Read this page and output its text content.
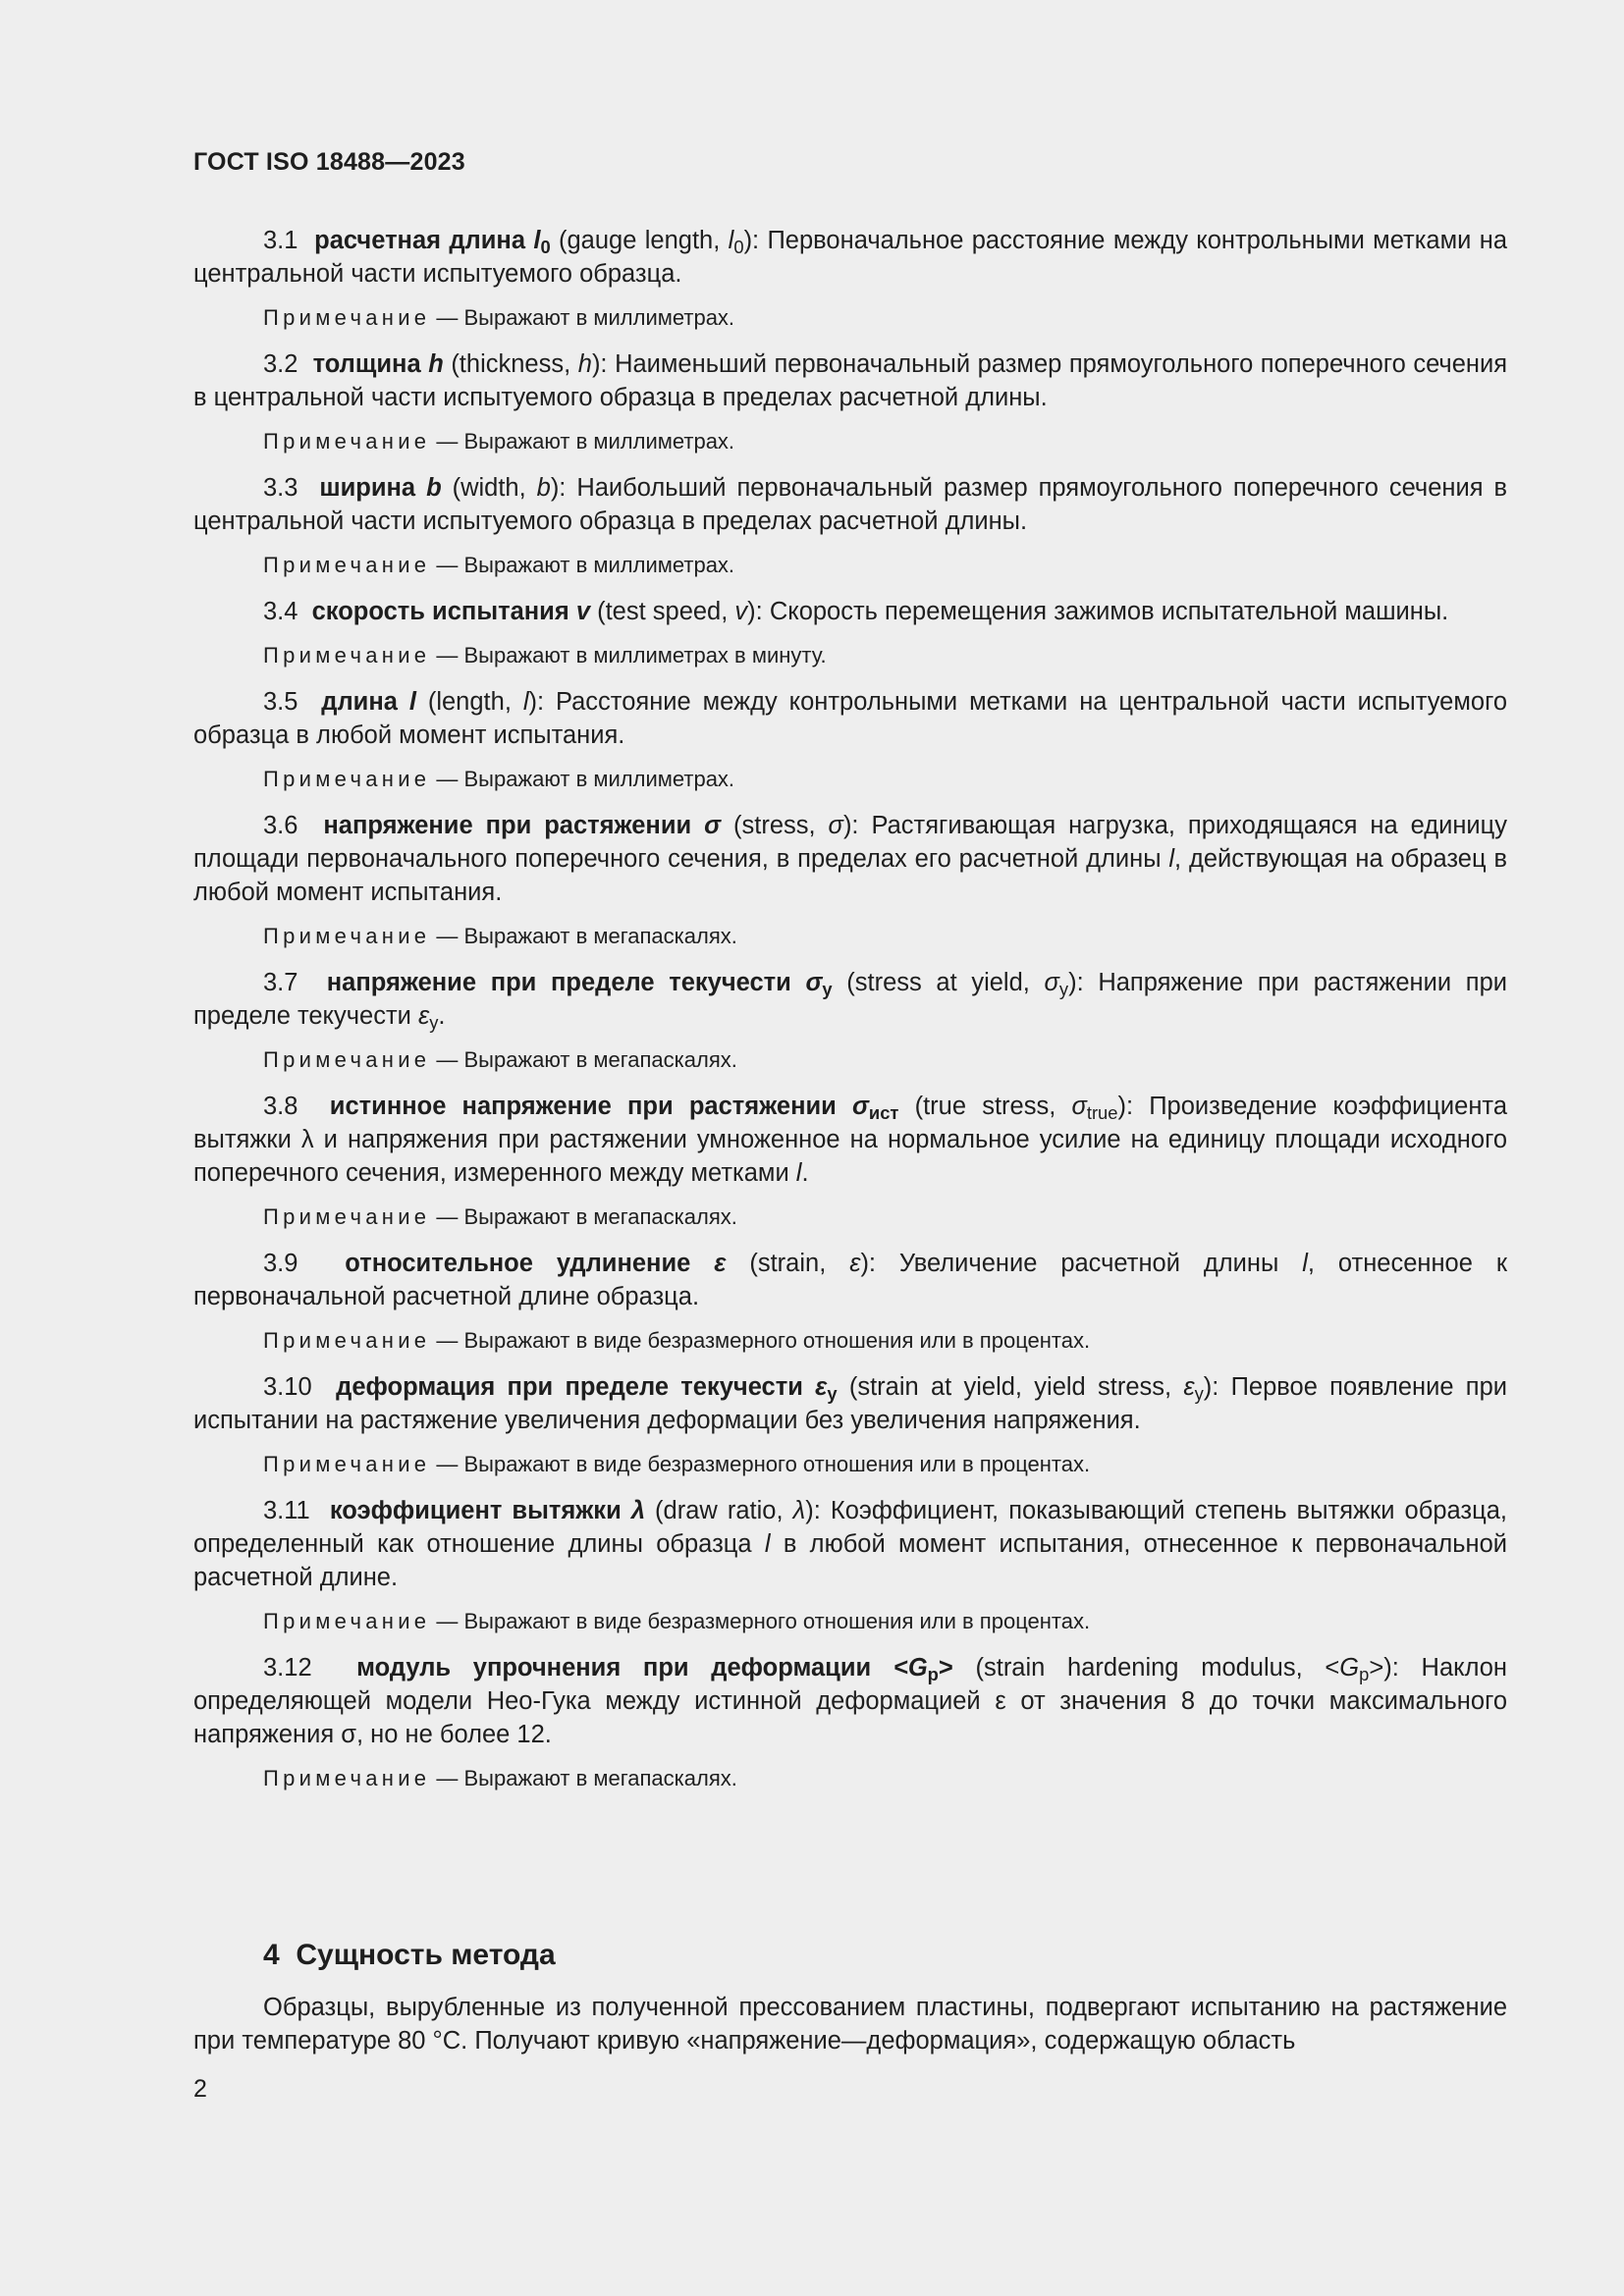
ГОСТ ISO 18488—2023

3.1 расчетная длина $l_0$ (gauge length, $l_0$): Первоначальное расстояние между контрольными метками на центральной части испытуемого образца.

Примечание — Выражают в миллиметрах.

3.2 толщина h (thickness, h): Наименьший первоначальный размер прямоугольного поперечного сечения в центральной части испытуемого образца в пределах расчетной длины.

Примечание — Выражают в миллиметрах.

3.3 ширина b (width, b): Наибольший первоначальный размер прямоугольного поперечного сечения в центральной части испытуемого образца в пределах расчетной длины.

Примечание — Выражают в миллиметрах.

3.4 скорость испытания v (test speed, v): Скорость перемещения зажимов испытательной машины.

Примечание — Выражают в миллиметрах в минуту.

3.5 длина l (length, l): Расстояние между контрольными метками на центральной части испытуемого образца в любой момент испытания.

Примечание — Выражают в миллиметрах.

3.6 напряжение при растяжении σ (stress, σ): Растягивающая нагрузка, приходящаяся на единицу площади первоначального поперечного сечения, в пределах его расчетной длины l, действующая на образец в любой момент испытания.

Примечание — Выражают в мегапаскалях.

3.7 напряжение при пределе текучести $\sigma_y$ (stress at yield, $\sigma_y$): Напряжение при растяжении при пределе текучести $\varepsilon_y$.

Примечание — Выражают в мегапаскалях.

3.8 истинное напряжение при растяжении $\sigma_{ист}$ (true stress, $\sigma_{true}$): Произведение коэффициента вытяжки λ и напряжения при растяжении умноженное на нормальное усилие на единицу площади исходного поперечного сечения, измеренного между метками l.

Примечание — Выражают в мегапаскалях.

3.9 относительное удлинение ε (strain, ε): Увеличение расчетной длины l, отнесенное к первоначальной расчетной длине образца.

Примечание — Выражают в виде безразмерного отношения или в процентах.

3.10 деформация при пределе текучести $\varepsilon_y$ (strain at yield, yield stress, $\varepsilon_y$): Первое появление при испытании на растяжение увеличения деформации без увеличения напряжения.

Примечание — Выражают в виде безразмерного отношения или в процентах.

3.11 коэффициент вытяжки λ (draw ratio, λ): Коэффициент, показывающий степень вытяжки образца, определенный как отношение длины образца l в любой момент испытания, отнесенное к первоначальной расчетной длине.

Примечание — Выражают в виде безразмерного отношения или в процентах.

3.12 модуль упрочнения при деформации $<G_p>$ (strain hardening modulus, $<G_p>$): Наклон определяющей модели Нео-Гука между истинной деформацией ε от значения 8 до точки максимального напряжения σ, но не более 12.

Примечание — Выражают в мегапаскалях.
4 Сущность метода

Образцы, вырубленные из полученной прессованием пластины, подвергают испытанию на растяжение при температуре 80 °C. Получают кривую «напряжение—деформация», содержащую область

2
